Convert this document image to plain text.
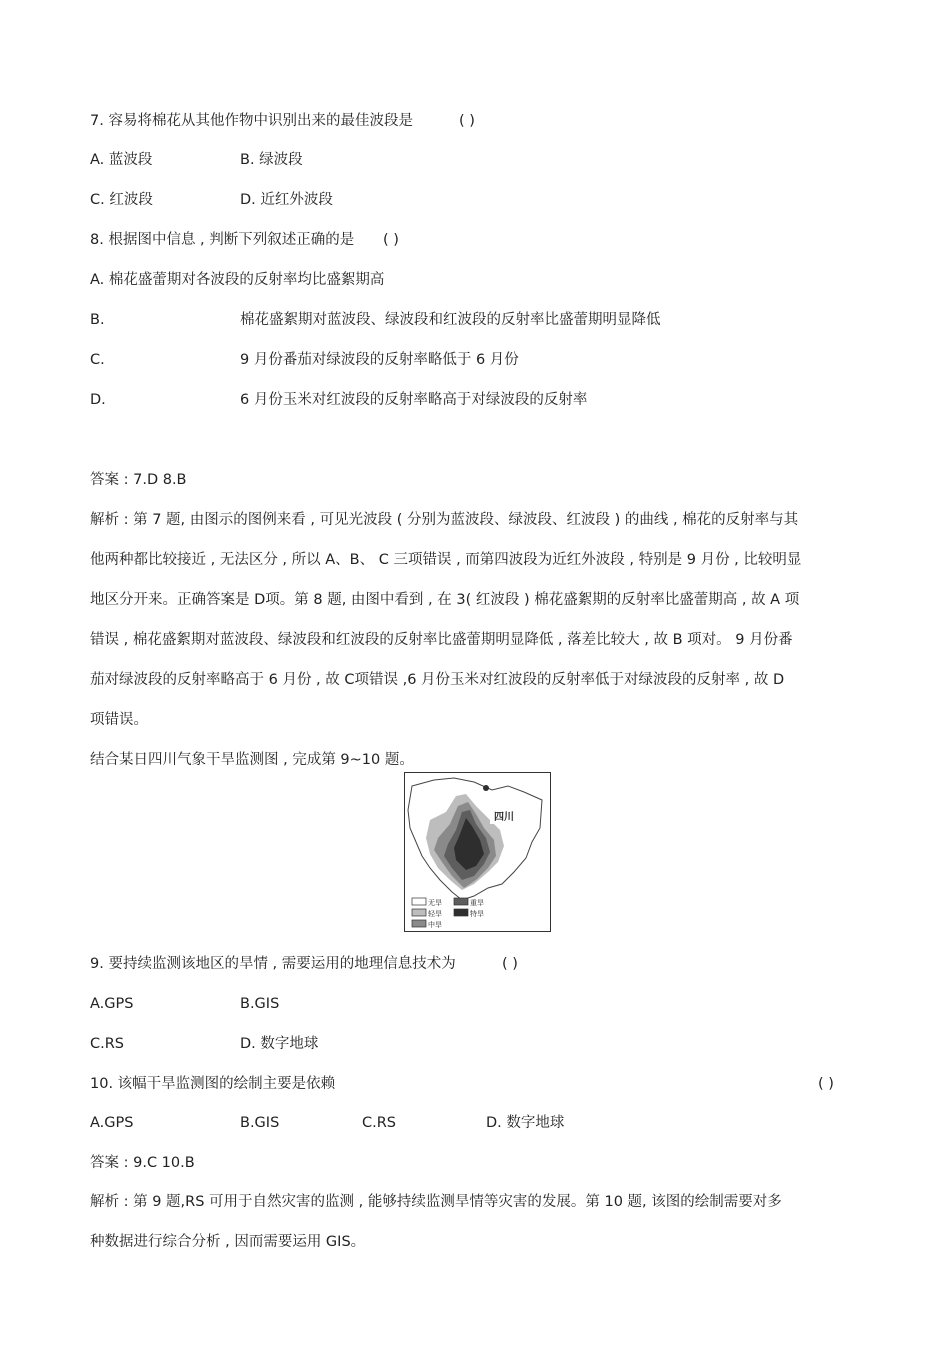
7. 容易将棉花从其他作物中识别出来的最佳波段是	( )
A. 蓝波段	B. 绿波段
C. 红波段	D. 近红外波段
8. 根据图中信息 , 判断下列叙述正确的是 ( )
A. 棉花盛蕾期对各波段的反射率均比盛絮期高
B.	棉花盛絮期对蓝波段、绿波段和红波段的反射率比盛蕾期明显降低
C.	9 月份番茄对绿波段的反射率略低于 6 月份
D.	6 月份玉米对红波段的反射率略高于对绿波段的反射率
答案 : 7.D 8.B
解析 : 第 7 题, 由图示的图例来看 , 可见光波段 ( 分别为蓝波段、绿波段、红波段 ) 的曲线 , 棉花的反射率与其
他两种都比较接近 , 无法区分 , 所以 A、B、 C 三项错误 , 而第四波段为近红外波段 , 特别是 9 月份 , 比较明显
地区分开来。正确答案是 D项。第 8 题, 由图中看到 , 在 3( 红波段 ) 棉花盛絮期的反射率比盛蕾期高 , 故 A 项
错误 , 棉花盛絮期对蓝波段、绿波段和红波段的反射率比盛蕾期明显降低 , 落差比较大 , 故 B 项对。 9 月份番
茄对绿波段的反射率略高于 6 月份 , 故 C项错误 ,6 月份玉米对红波段的反射率低于对绿波段的反射率 , 故 D
项错误。
结合某日四川气象干旱监测图 , 完成第 9~10 题。
四川
无旱	重旱
轻旱	特旱
中旱
9. 要持续监测该地区的旱情 , 需要运用的地理信息技术为	( )
A.GPS	B.GIS
C.RS	D. 数字地球
10. 该幅干旱监测图的绘制主要是依赖	( )
A.GPS	B.GIS	C.RS	D. 数字地球
答案 : 9.C 10.B
解析 : 第 9 题,RS 可用于自然灾害的监测 , 能够持续监测旱情等灾害的发展。第 10 题, 该图的绘制需要对多
种数据进行综合分析 , 因而需要运用 GIS。
